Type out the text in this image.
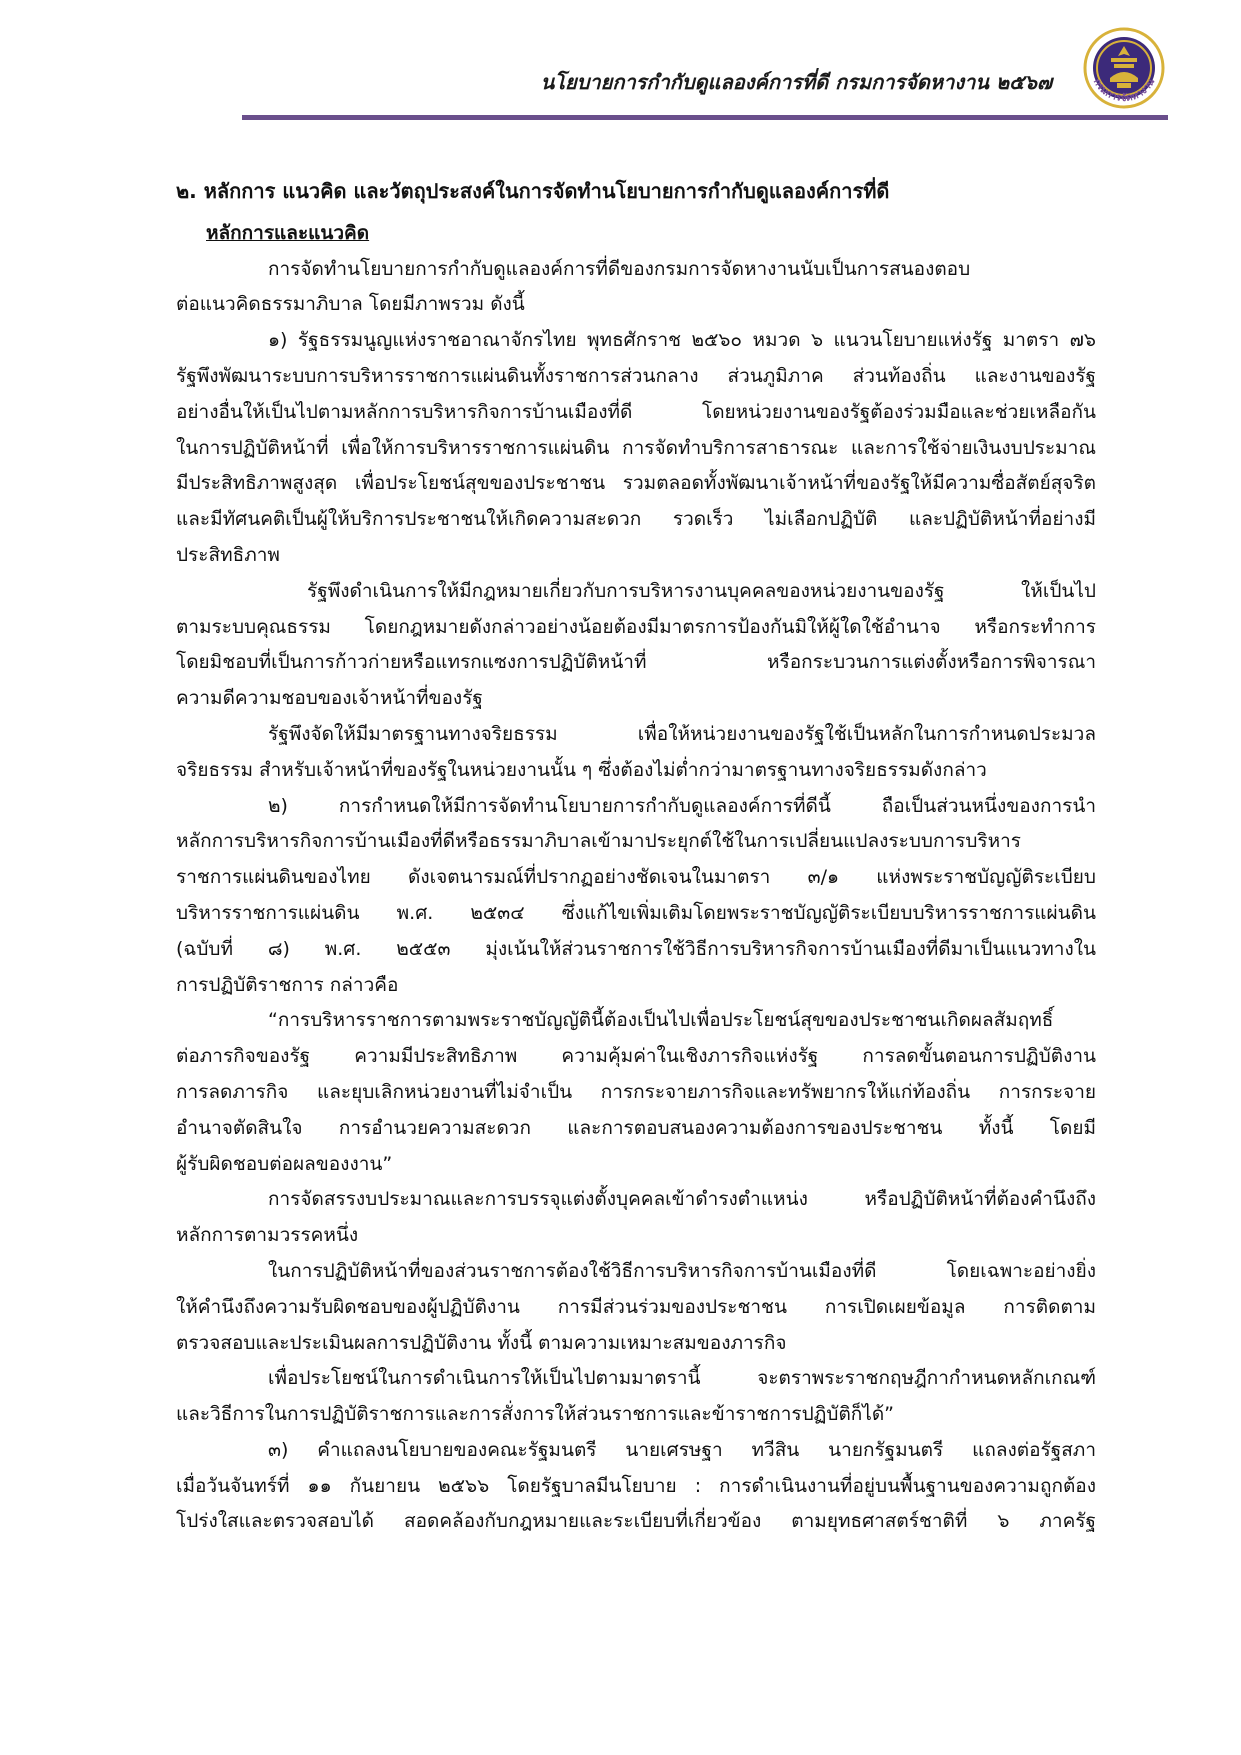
นโยบายการกำกับดูแลองค์การที่ดี กรมการจัดหางาน ๒๕๖๗	กรมการจัดหางาน
๒. หลักการ แนวคิด และวัตถุประสงค์ในการจัดทำนโยบายการกำกับดูแลองค์การที่ดี
หลักการและแนวคิด
การจัดทำนโยบายการกำกับดูแลองค์การที่ดีของกรมการจัดหางานนับเป็นการสนองตอบ
ต่อแนวคิดธรรมาภิบาล โดยมีภาพรวม ดังนี้
๑) รัฐธรรมนูญแห่งราชอาณาจักรไทย พุทธศักราช ๒๕๖๐ หมวด ๖ แนวนโยบายแห่งรัฐ มาตรา ๗๖
รัฐพึงพัฒนาระบบการบริหารราชการแผ่นดินทั้งราชการส่วนกลาง ส่วนภูมิภาค ส่วนท้องถิ่น และงานของรัฐ
อย่างอื่นให้เป็นไปตามหลักการบริหารกิจการบ้านเมืองที่ดี โดยหน่วยงานของรัฐต้องร่วมมือและช่วยเหลือกัน
ในการปฏิบัติหน้าที่ เพื่อให้การบริหารราชการแผ่นดิน การจัดทำบริการสาธารณะ และการใช้จ่ายเงินงบประมาณ
มีประสิทธิภาพสูงสุด เพื่อประโยชน์สุขของประชาชน รวมตลอดทั้งพัฒนาเจ้าหน้าที่ของรัฐให้มีความซื่อสัตย์สุจริต
และมีทัศนคติเป็นผู้ให้บริการประชาชนให้เกิดความสะดวก รวดเร็ว ไม่เลือกปฏิบัติ และปฏิบัติหน้าที่อย่างมี
ประสิทธิภาพ
รัฐพึงดำเนินการให้มีกฎหมายเกี่ยวกับการบริหารงานบุคคลของหน่วยงานของรัฐ ให้เป็นไป
ตามระบบคุณธรรม โดยกฎหมายดังกล่าวอย่างน้อยต้องมีมาตรการป้องกันมิให้ผู้ใดใช้อำนาจ หรือกระทำการ
โดยมิชอบที่เป็นการก้าวก่ายหรือแทรกแซงการปฏิบัติหน้าที่ หรือกระบวนการแต่งตั้งหรือการพิจารณา
ความดีความชอบของเจ้าหน้าที่ของรัฐ
รัฐพึงจัดให้มีมาตรฐานทางจริยธรรม เพื่อให้หน่วยงานของรัฐใช้เป็นหลักในการกำหนดประมวล
จริยธรรม สำหรับเจ้าหน้าที่ของรัฐในหน่วยงานนั้น ๆ ซึ่งต้องไม่ต่ำกว่ามาตรฐานทางจริยธรรมดังกล่าว
๒) การกำหนดให้มีการจัดทำนโยบายการกำกับดูแลองค์การที่ดีนี้ ถือเป็นส่วนหนึ่งของการนำ
หลักการบริหารกิจการบ้านเมืองที่ดีหรือธรรมาภิบาลเข้ามาประยุกต์ใช้ในการเปลี่ยนแปลงระบบการบริหาร
ราชการแผ่นดินของไทย ดังเจตนารมณ์ที่ปรากฏอย่างชัดเจนในมาตรา ๓/๑ แห่งพระราชบัญญัติระเบียบ
บริหารราชการแผ่นดิน พ.ศ. ๒๕๓๔ ซึ่งแก้ไขเพิ่มเติมโดยพระราชบัญญัติระเบียบบริหารราชการแผ่นดิน
(ฉบับที่ ๘) พ.ศ. ๒๕๕๓ มุ่งเน้นให้ส่วนราชการใช้วิธีการบริหารกิจการบ้านเมืองที่ดีมาเป็นแนวทางใน
การปฏิบัติราชการ กล่าวคือ
“การบริหารราชการตามพระราชบัญญัตินี้ต้องเป็นไปเพื่อประโยชน์สุขของประชาชนเกิดผลสัมฤทธิ์
ต่อภารกิจของรัฐ ความมีประสิทธิภาพ ความคุ้มค่าในเชิงภารกิจแห่งรัฐ การลดขั้นตอนการปฏิบัติงาน
การลดภารกิจ และยุบเลิกหน่วยงานที่ไม่จำเป็น การกระจายภารกิจและทรัพยากรให้แก่ท้องถิ่น การกระจาย
อำนาจตัดสินใจ การอำนวยความสะดวก และการตอบสนองความต้องการของประชาชน ทั้งนี้ โดยมี
ผู้รับผิดชอบต่อผลของงาน”
การจัดสรรงบประมาณและการบรรจุแต่งตั้งบุคคลเข้าดำรงตำแหน่ง หรือปฏิบัติหน้าที่ต้องคำนึงถึง
หลักการตามวรรคหนึ่ง
ในการปฏิบัติหน้าที่ของส่วนราชการต้องใช้วิธีการบริหารกิจการบ้านเมืองที่ดี โดยเฉพาะอย่างยิ่ง
ให้คำนึงถึงความรับผิดชอบของผู้ปฏิบัติงาน การมีส่วนร่วมของประชาชน การเปิดเผยข้อมูล การติดตาม
ตรวจสอบและประเมินผลการปฏิบัติงาน ทั้งนี้ ตามความเหมาะสมของภารกิจ
เพื่อประโยชน์ในการดำเนินการให้เป็นไปตามมาตรานี้ จะตราพระราชกฤษฎีกากำหนดหลักเกณฑ์
และวิธีการในการปฏิบัติราชการและการสั่งการให้ส่วนราชการและข้าราชการปฏิบัติก็ได้”
๓) คำแถลงนโยบายของคณะรัฐมนตรี นายเศรษฐา ทวีสิน นายกรัฐมนตรี แถลงต่อรัฐสภา
เมื่อวันจันทร์ที่ ๑๑ กันยายน ๒๕๖๖ โดยรัฐบาลมีนโยบาย : การดำเนินงานที่อยู่บนพื้นฐานของความถูกต้อง
โปร่งใสและตรวจสอบได้ สอดคล้องกับกฎหมายและระเบียบที่เกี่ยวข้อง ตามยุทธศาสตร์ชาติที่ ๖ ภาครัฐ
